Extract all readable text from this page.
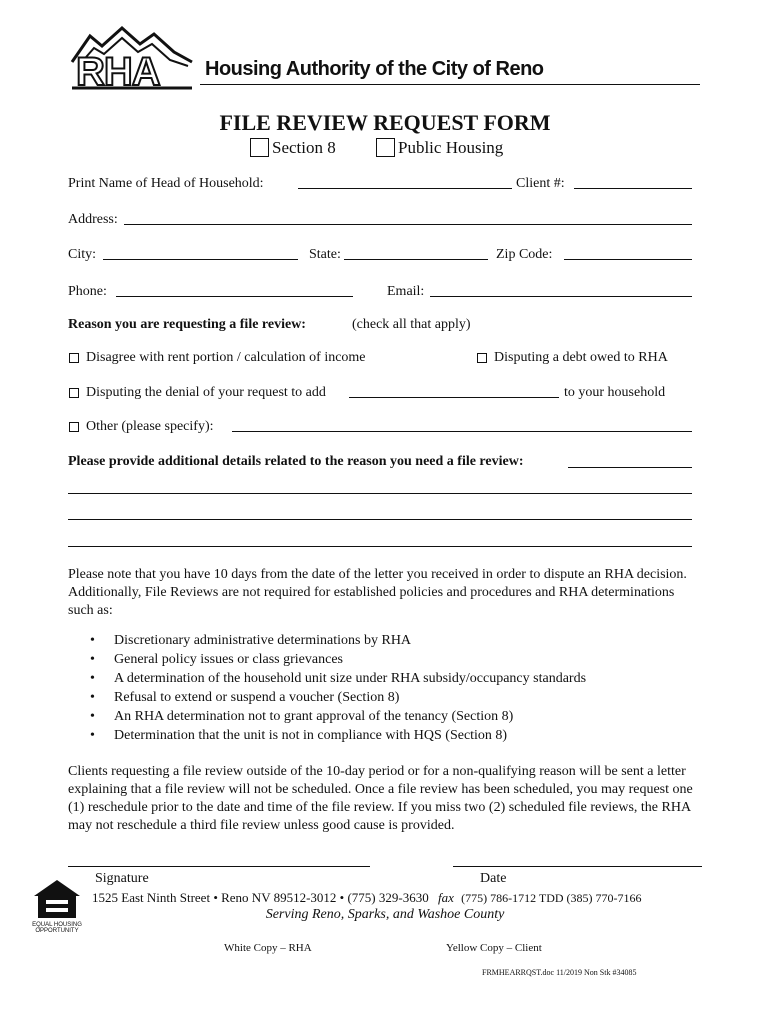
RHA Housing Authority of the City of Reno
FILE REVIEW REQUEST FORM
Section 8	Public Housing
Print Name of Head of Household:	Client #:
Address:
City:	State:	Zip Code:
Phone:	Email:
Reason you are requesting a file review:	(check all that apply)
Disagree with rent portion / calculation of income	Disputing a debt owed to RHA
Disputing the denial of your request to add	to your household
Other (please specify):
Please provide additional details related to the reason you need a file review:
Please note that you have 10 days from the date of the letter you received in order to dispute an RHA decision. Additionally, File Reviews are not required for established policies and procedures and RHA determinations such as:
• Discretionary administrative determinations by RHA
• General policy issues or class grievances
• A determination of the household unit size under RHA subsidy/occupancy standards
• Refusal to extend or suspend a voucher (Section 8)
• An RHA determination not to grant approval of the tenancy (Section 8)
• Determination that the unit is not in compliance with HQS (Section 8)
Clients requesting a file review outside of the 10-day period or for a non-qualifying reason will be sent a letter explaining that a file review will not be scheduled. Once a file review has been scheduled, you may request one (1) reschedule prior to the date and time of the file review. If you miss two (2) scheduled file reviews, the RHA may not reschedule a third file review unless good cause is provided.
Signature	Date
EQUAL HOUSING OPPORTUNITY
1525 East Ninth Street • Reno NV 89512-3012 • (775) 329-3630 fax (775) 786-1712 TDD (385) 770-7166
Serving Reno, Sparks, and Washoe County
White Copy – RHA	Yellow Copy – Client
FRMHEARRQST.doc 11/2019 Non Stk #34085
